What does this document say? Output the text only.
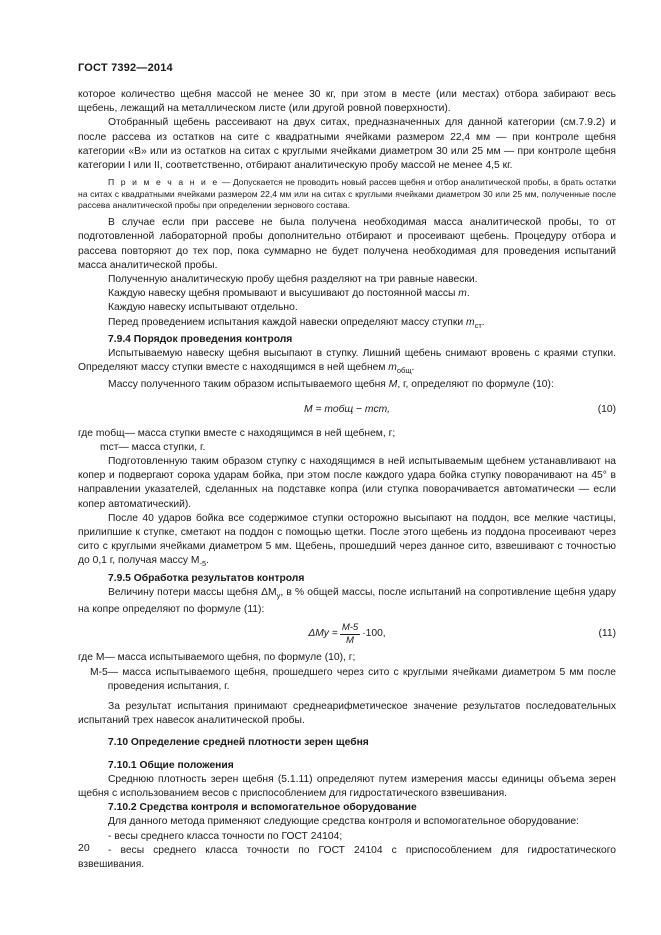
ГОСТ 7392—2014

которое количество щебня массой не менее 30 кг, при этом в месте (или местах) отбора забирают весь щебень, лежащий на металлическом листе (или другой ровной поверхности).

Отобранный щебень рассеивают на двух ситах, предназначенных для данной категории (см.7.9.2) и после рассева из остатков на сите с квадратными ячейками размером 22,4 мм — при контроле щебня категории «В» или из остатков на ситах с круглыми ячейками диаметром 30 или 25 мм — при контроле щебня категории I или II, соответственно, отбирают аналитическую пробу массой не менее 4,5 кг.

П р и м е ч а н и е — Допускается не проводить новый рассев щебня и отбор аналитической пробы, а брать остатки на ситах с квадратными ячейками размером 22,4 мм или на ситах с круглыми ячейками диаметром 30 или 25 мм, полученные после рассева аналитической пробы при определении зернового состава.

В случае если при рассеве не была получена необходимая масса аналитической пробы, то от подготовленной лабораторной пробы дополнительно отбирают и просеивают щебень. Процедуру отбора и рассева повторяют до тех пор, пока суммарно не будет получена необходимая для проведения испытаний масса аналитической пробы.

Полученную аналитическую пробу щебня разделяют на три равные навески.

Каждую навеску щебня промывают и высушивают до постоянной массы m.

Каждую навеску испытывают отдельно.

Перед проведением испытания каждой навески определяют массу ступки $m_{ст}$.

7.9.4 Порядок проведения контроля

Испытываемую навеску щебня высыпают в ступку. Лишний щебень снимают вровень с краями ступки. Определяют массу ступки вместе с находящимся в ней щебнем $m_{общ}$.

Массу полученного таким образом испытываемого щебня M, г, определяют по формуле (10):

M = mобщ − mст,	(10)
где mобщ — масса ступки вместе с находящимся в ней щебнем, г;
mст — масса ступки, г.

Подготовленную таким образом ступку с находящимся в ней испытываемым щебнем устанавливают на копер и подвергают сорока ударам бойка, при этом после каждого удара бойка ступку поворачивают на 45° в направлении указателей, сделанных на подставке копра (или ступка поворачивается автоматически — если копер автоматический).

После 40 ударов бойка все содержимое ступки осторожно высыпают на поддон, все мелкие частицы, прилипшие к ступке, сметают на поддон с помощью щетки. После этого щебень из поддона просеивают через сито с круглыми ячейками диаметром 5 мм. Щебень, прошедший через данное сито, взвешивают с точностью до 0,1 г, получая массу $M_{-5}$.

7.9.5 Обработка результатов контроля

Величину потери массы щебня $\Delta M_у$, в % общей массы, после испытаний на сопротивление щебня удару на копре определяют по формуле (11):

$\Delta Mу = \frac{M-5}{M} \cdot 100$,	(11)
где M — масса испытываемого щебня, по формуле (10), г;
M-5 — масса испытываемого щебня, прошедшего через сито с круглыми ячейками диаметром 5 мм после проведения испытания, г.

За результат испытания принимают среднеарифметическое значение результатов последовательных испытаний трех навесок аналитической пробы.

7.10 Определение средней плотности зерен щебня

7.10.1 Общие положения

Среднюю плотность зерен щебня (5.1.11) определяют путем измерения массы единицы объема зерен щебня с использованием весов с приспособлением для гидростатического взвешивания.

7.10.2 Средства контроля и вспомогательное оборудование

Для данного метода применяют следующие средства контроля и вспомогательное оборудование:

- весы среднего класса точности по ГОСТ 24104;

- весы среднего класса точности по ГОСТ 24104 с приспособлением для гидростатического взвешивания.

20
